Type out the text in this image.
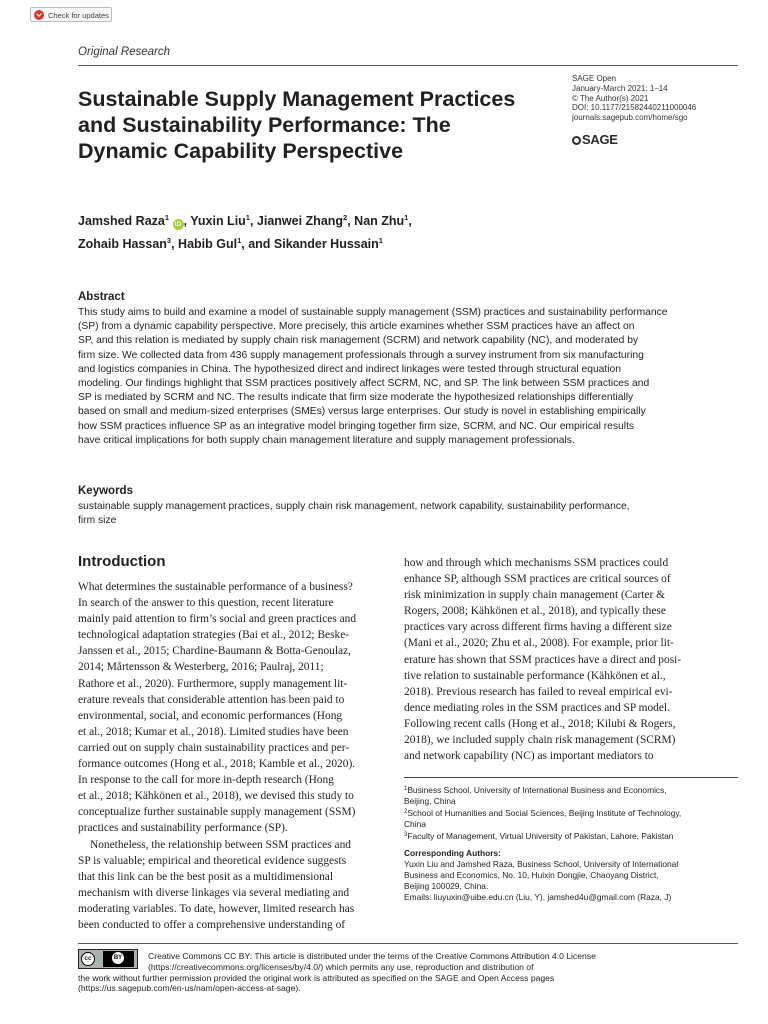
Check for updates
Original Research
Sustainable Supply Management Practices
and Sustainability Performance: The
Dynamic Capability Perspective
SAGE Open
January-March 2021: 1–14
© The Author(s) 2021
DOI: 10.1177/21582440211000046
journals.sagepub.com/home/sgo
SAGE
Jamshed Raza$^1$ iD , Yuxin Liu$^1$, Jianwei Zhang$^2$, Nan Zhu$^1$,
Zohaib Hassan$^3$, Habib Gul$^1$, and Sikander Hussain$^1$
Abstract
This study aims to build and examine a model of sustainable supply management (SSM) practices and sustainability performance
(SP) from a dynamic capability perspective. More precisely, this article examines whether SSM practices have an affect on
SP, and this relation is mediated by supply chain risk management (SCRM) and network capability (NC), and moderated by
firm size. We collected data from 436 supply management professionals through a survey instrument from six manufacturing
and logistics companies in China. The hypothesized direct and indirect linkages were tested through structural equation
modeling. Our findings highlight that SSM practices positively affect SCRM, NC, and SP. The link between SSM practices and
SP is mediated by SCRM and NC. The results indicate that firm size moderate the hypothesized relationships differentially
based on small and medium-sized enterprises (SMEs) versus large enterprises. Our study is novel in establishing empirically
how SSM practices influence SP as an integrative model bringing together firm size, SCRM, and NC. Our empirical results
have critical implications for both supply chain management literature and supply management professionals.
Keywords
sustainable supply management practices, supply chain risk management, network capability, sustainability performance,
firm size
Introduction
What determines the sustainable performance of a business?
In search of the answer to this question, recent literature
mainly paid attention to firm’s social and green practices and
technological adaptation strategies (Bai et al., 2012; Beske-
Janssen et al., 2015; Chardine-Baumann & Botta-Genoulaz,
2014; Mårtensson & Westerberg, 2016; Paulraj, 2011;
Rathore et al., 2020). Furthermore, supply management lit-
erature reveals that considerable attention has been paid to
environmental, social, and economic performances (Hong
et al., 2018; Kumar et al., 2018). Limited studies have been
carried out on supply chain sustainability practices and per-
formance outcomes (Hong et al., 2018; Kamble et al., 2020).
In response to the call for more in-depth research (Hong
et al., 2018; Kähkönen et al., 2018), we devised this study to
conceptualize further sustainable supply management (SSM)
practices and sustainability performance (SP).
Nonetheless, the relationship between SSM practices and
SP is valuable; empirical and theoretical evidence suggests
that this link can be the best posit as a multidimensional
mechanism with diverse linkages via several mediating and
moderating variables. To date, however, limited research has
been conducted to offer a comprehensive understanding of
how and through which mechanisms SSM practices could
enhance SP, although SSM practices are critical sources of
risk minimization in supply chain management (Carter &
Rogers, 2008; Kähkönen et al., 2018), and typically these
practices vary across different firms having a different size
(Mani et al., 2020; Zhu et al., 2008). For example, prior lit-
erature has shown that SSM practices have a direct and posi-
tive relation to sustainable performance (Kähkönen et al.,
2018). Previous research has failed to reveal empirical evi-
dence mediating roles in the SSM practices and SP model.
Following recent calls (Hong et al., 2018; Kilubi & Rogers,
2018), we included supply chain risk management (SCRM)
and network capability (NC) as important mediators to
$^1$Business School, University of International Business and Economics,
Beijing, China
$^2$School of Humanities and Social Sciences, Beijing Institute of Technology,
China
$^3$Faculty of Management, Virtual University of Pakistan, Lahore, Pakistan
Corresponding Authors:
Yuxin Liu and Jamshed Raza, Business School, University of International
Business and Economics, No. 10, Huixin Dongjie, Chaoyang District,
Beijing 100029, China.
Emails: liuyuxin@uibe.edu.cn (Liu, Y), jamshed4u@gmail.com (Raza, J)
cc	BY	Creative Commons CC BY: This article is distributed under the terms of the Creative Commons Attribution 4.0 License
(https://creativecommons.org/licenses/by/4.0/) which permits any use, reproduction and distribution of
the work without further permission provided the original work is attributed as specified on the SAGE and Open Access pages
(https://us.sagepub.com/en-us/nam/open-access-at-sage).
